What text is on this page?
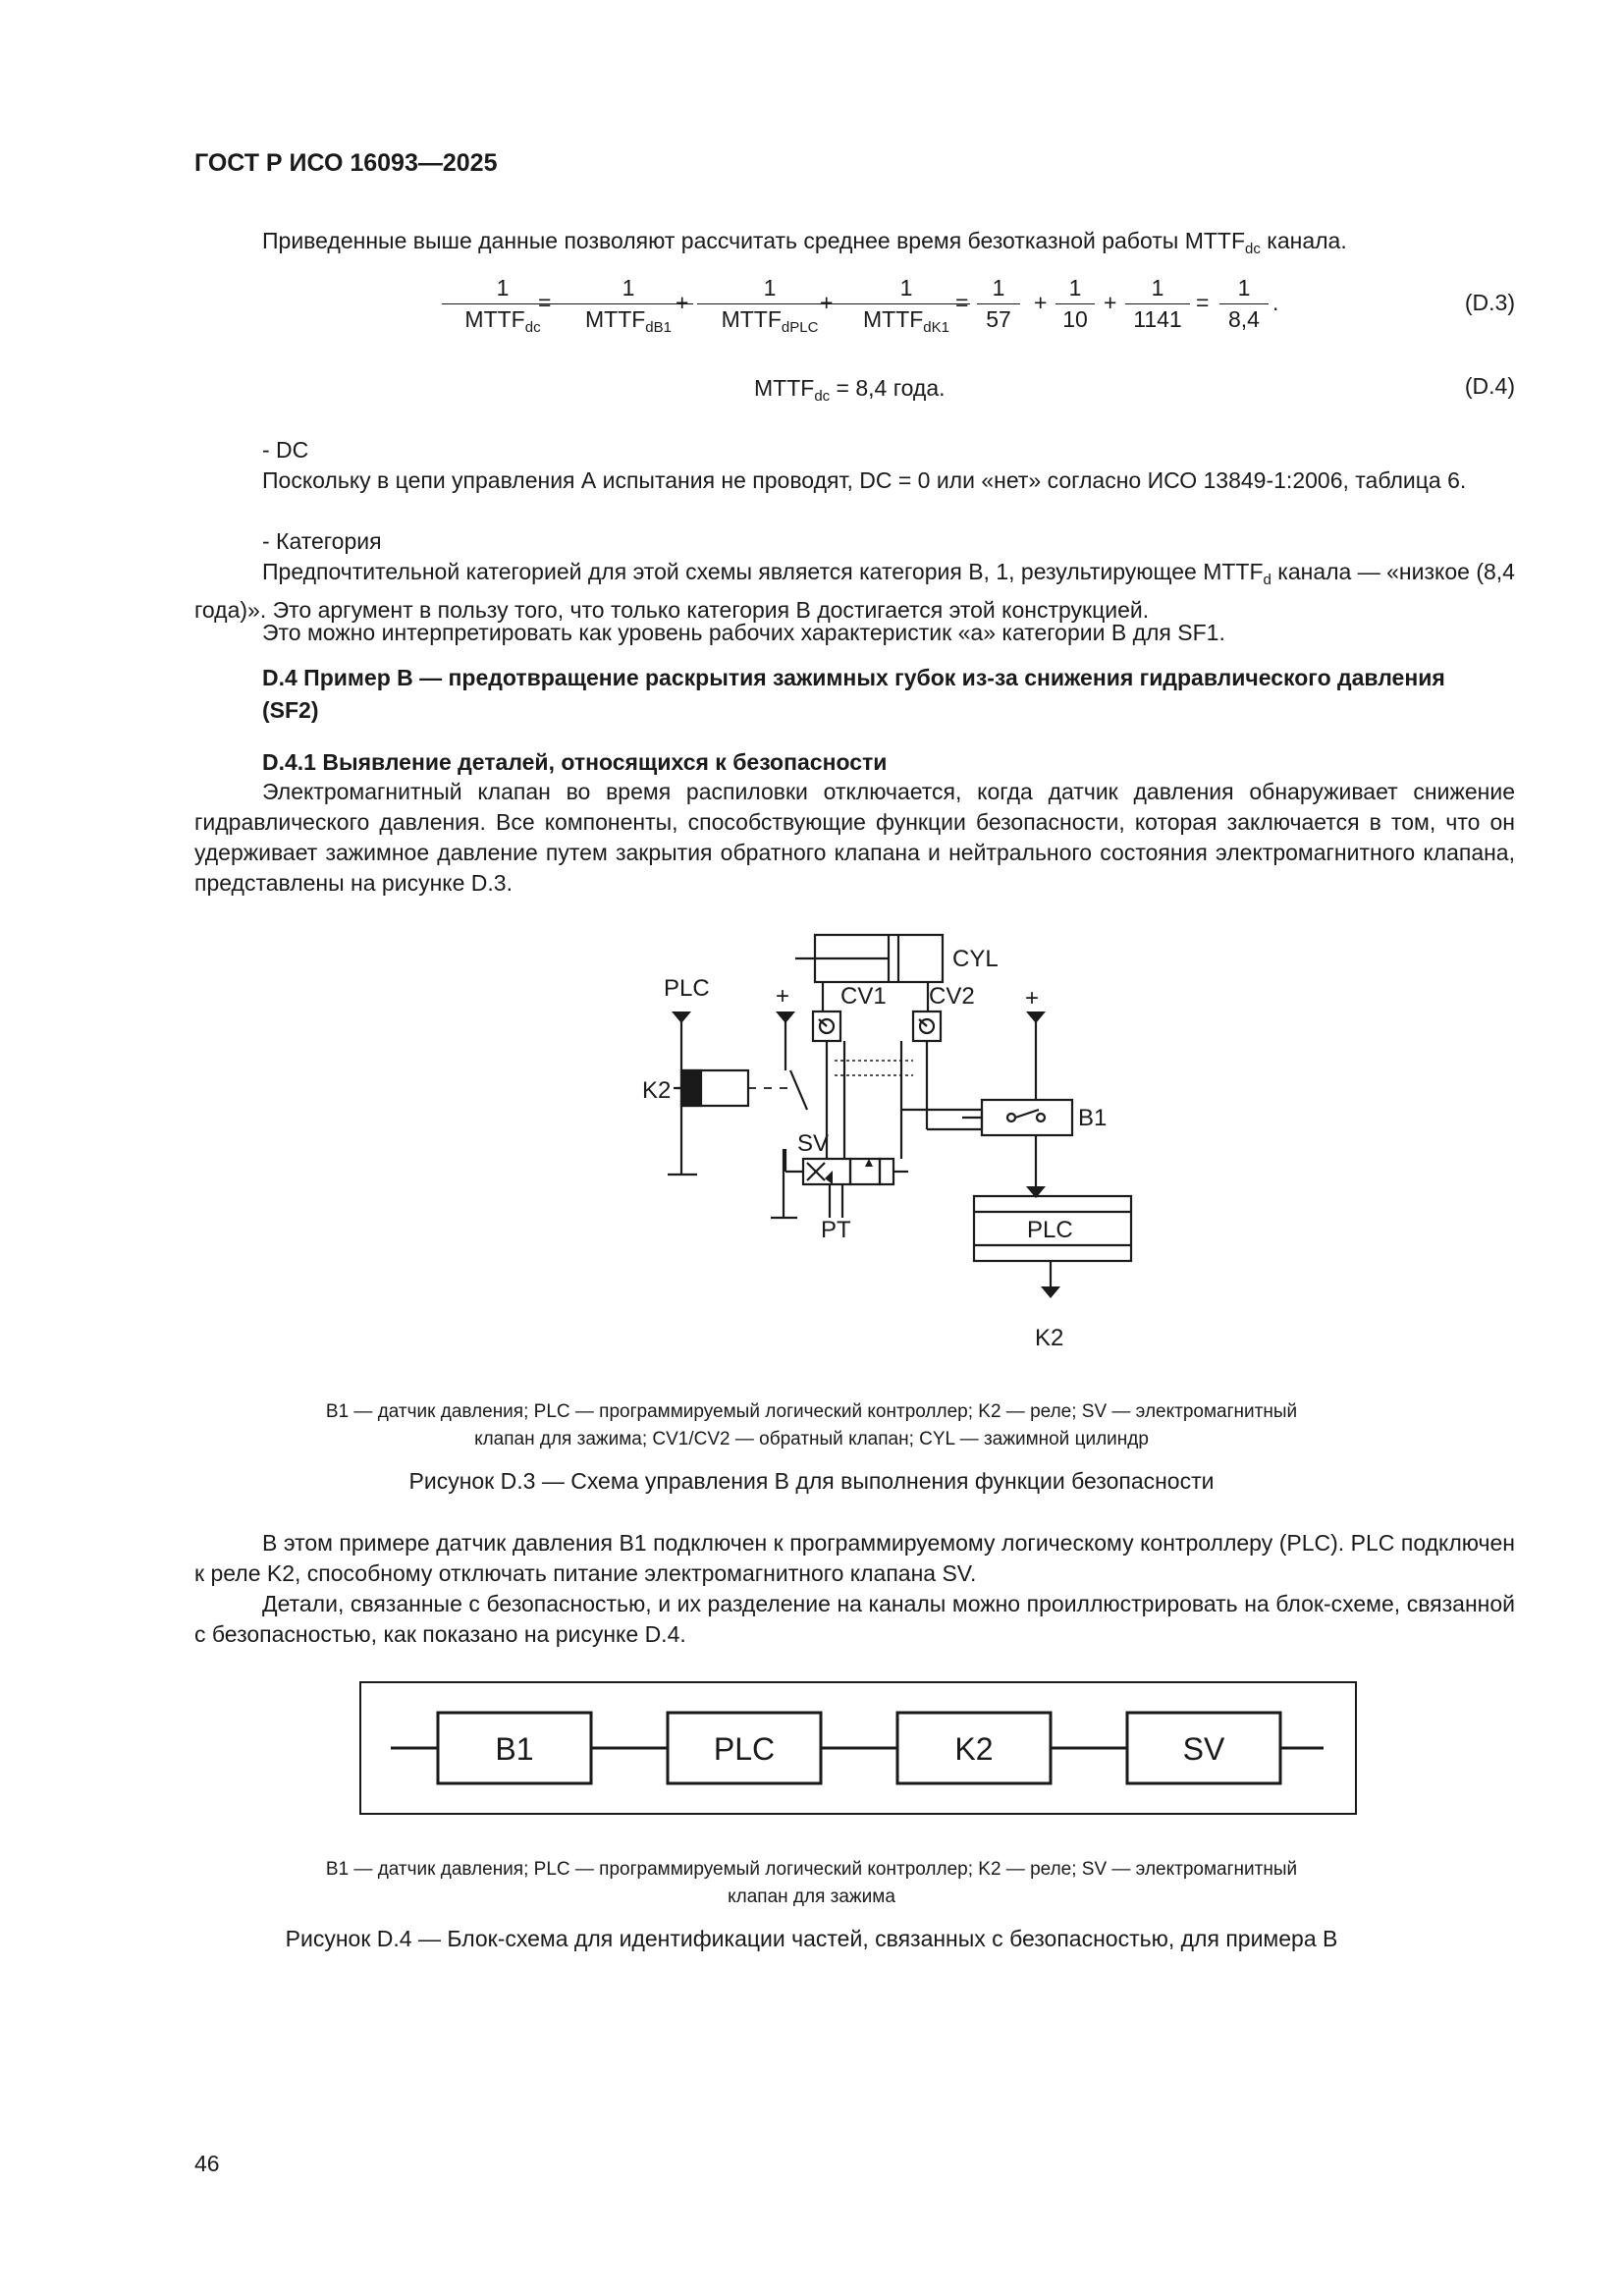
ГОСТ Р ИСО 16093—2025
Приведенные выше данные позволяют рассчитать среднее время безотказной работы $MTTF_{dc}$ канала.
1
$MTTF_{dc}$
=
1
$MTTF_{dB1}$
+
1
$MTTF_{dPLC}$
+
1
$MTTF_{dK1}$
= $\frac{1}{57} + \frac{1}{10} + \frac{1}{1141} = \frac{1}{8,4}$ .	(D.3)
$MTTF_{dc} = 8,4$ года.	(D.4)
- DC
Поскольку в цепи управления А испытания не проводят, DC = 0 или «нет» согласно ИСО 13849-1:2006, таблица 6.
- Категория
Предпочтительной категорией для этой схемы является категория B, 1, результирующее $MTTF_d$ канала — «низкое (8,4 года)». Это аргумент в пользу того, что только категория B достигается этой конструкцией.
Это можно интерпретировать как уровень рабочих характеристик «а» категории B для SF1.
D.4 Пример B — предотвращение раскрытия зажимных губок из-за снижения гидравлического давления (SF2)
D.4.1 Выявление деталей, относящихся к безопасности
Электромагнитный клапан во время распиловки отключается, когда датчик давления обнаруживает снижение гидравлического давления. Все компоненты, способствующие функции безопасности, которая заключается в том, что он удерживает зажимное давление путем закрытия обратного клапана и нейтрального состояния электромагнитного клапана, представлены на рисунке D.3.
CYL
PLC	+ CV1 CV2 +
K2
SV
B1
PT	PLC
K2
B1 — датчик давления; PLC — программируемый логический контроллер; K2 — реле; SV — электромагнитный
клапан для зажима; CV1/CV2 — обратный клапан; CYL — зажимной цилиндр
Рисунок D.3 — Схема управления B для выполнения функции безопасности
В этом примере датчик давления B1 подключен к программируемому логическому контроллеру (PLC). PLC подключен к реле K2, способному отключать питание электромагнитного клапана SV.
Детали, связанные с безопасностью, и их разделение на каналы можно проиллюстрировать на блок-схеме, связанной с безопасностью, как показано на рисунке D.4.
B1	PLC	K2	SV
B1 — датчик давления; PLC — программируемый логический контроллер; K2 — реле; SV — электромагнитный
клапан для зажима
Рисунок D.4 — Блок-схема для идентификации частей, связанных с безопасностью, для примера B
46
